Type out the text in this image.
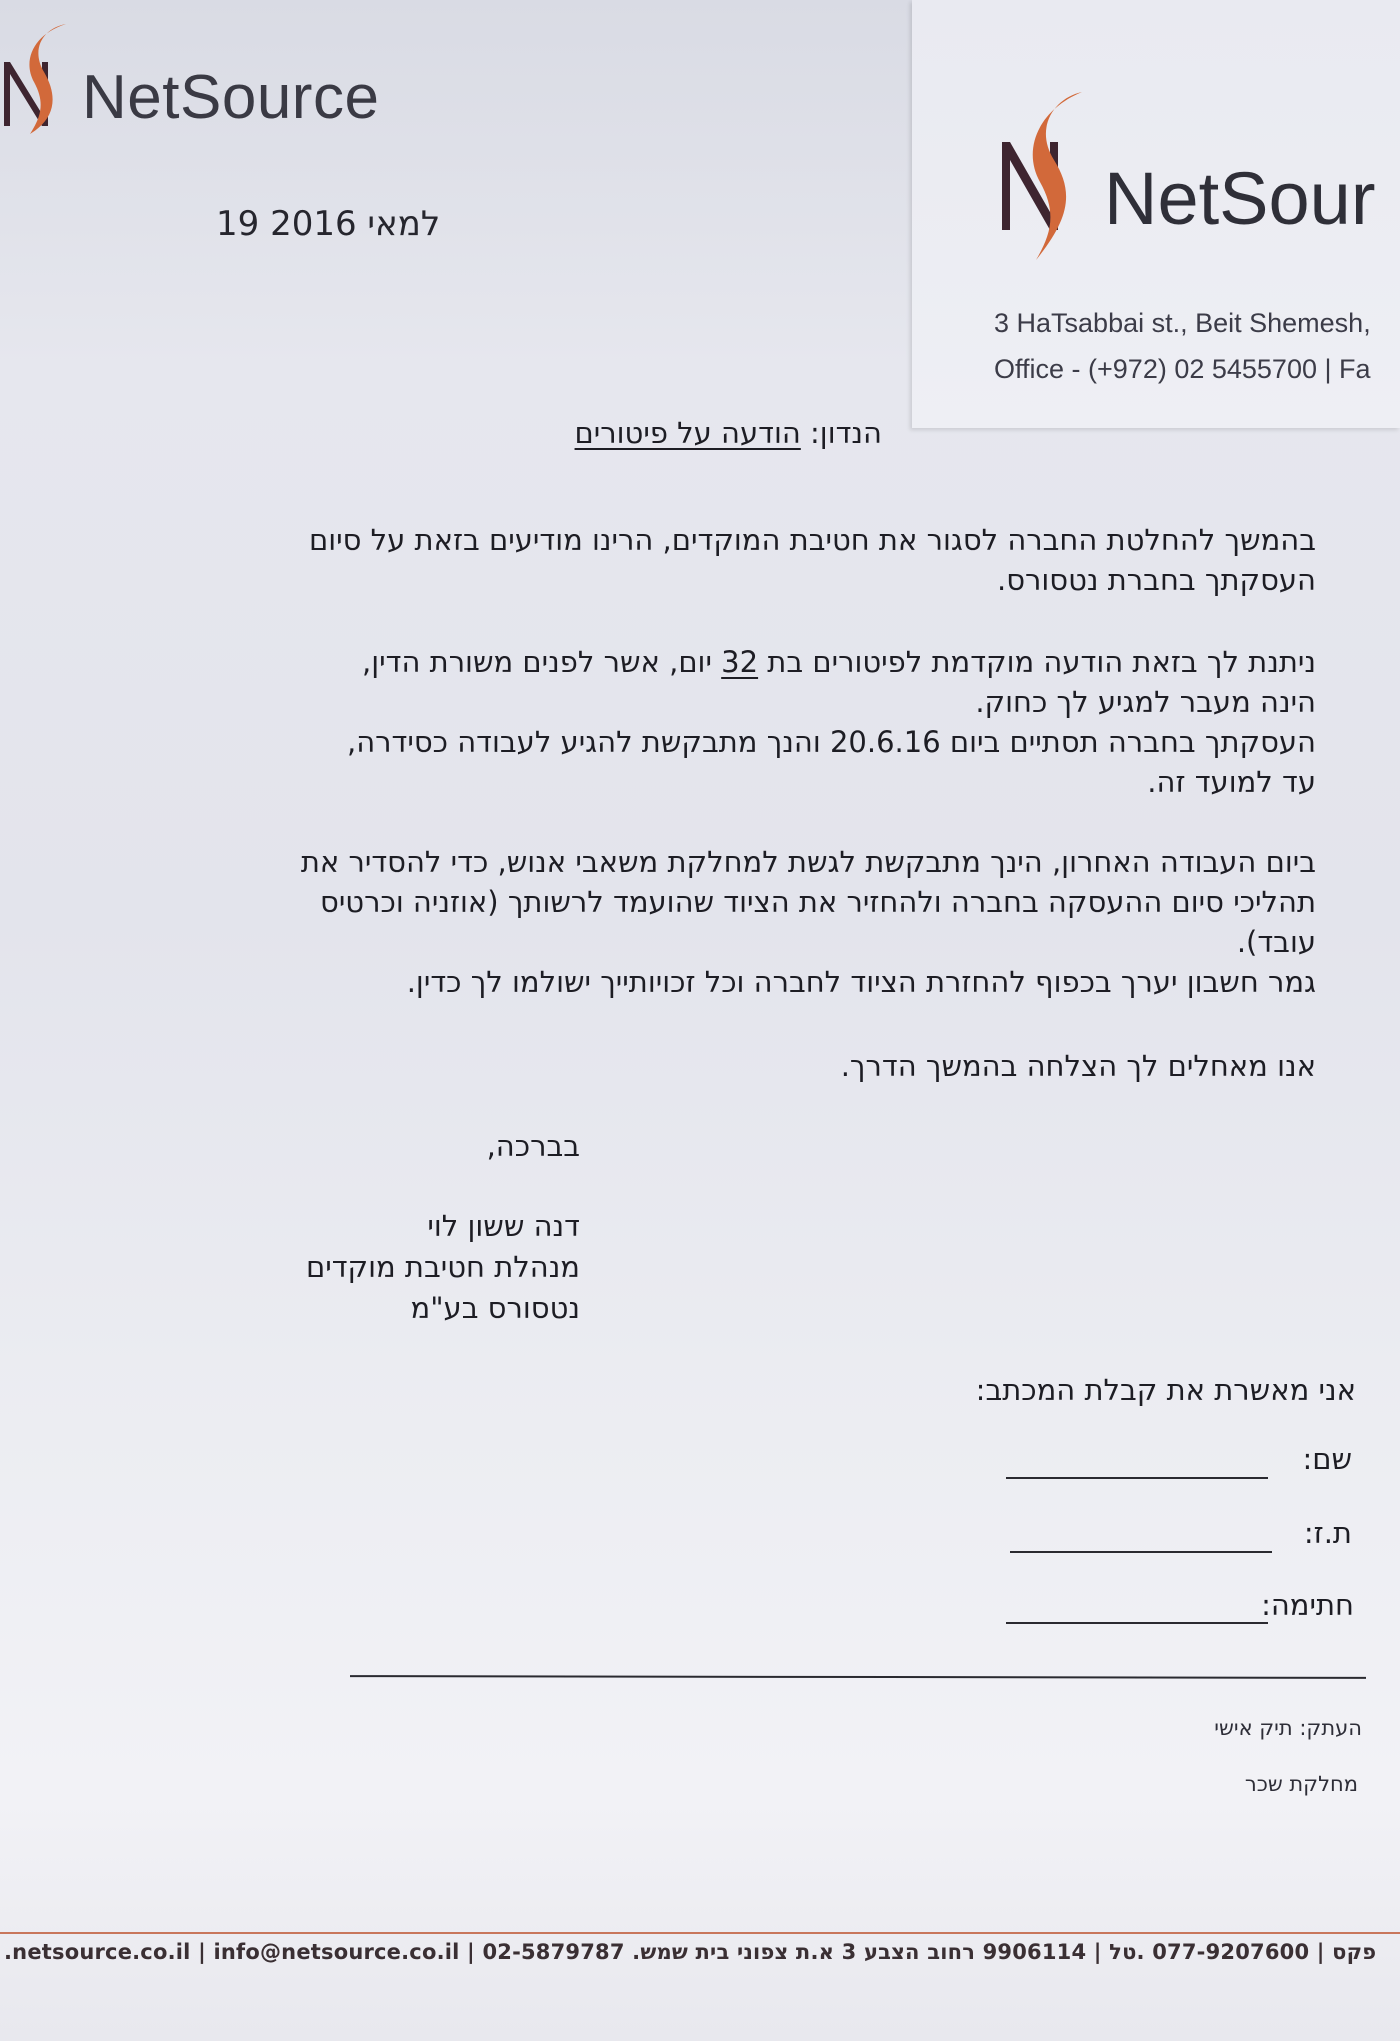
NetSource
19 למאי 2016	NetSour
3 HaTsabbai st., Beit Shemesh,
Office - (+972) 02 5455700 | Fa
הנדון: הודעה על פיטורים
בהמשך להחלטת החברה לסגור את חטיבת המוקדים, הרינו מודיעים בזאת על סיום
העסקתך בחברת נטסורס.
ניתנת לך בזאת הודעה מוקדמת לפיטורים בת 32 יום, אשר לפנים משורת הדין,
הינה מעבר למגיע לך כחוק.
העסקתך בחברה תסתיים ביום 20.6.16 והנך מתבקשת להגיע לעבודה כסידרה,
עד למועד זה.
ביום העבודה האחרון, הינך מתבקשת לגשת למחלקת משאבי אנוש, כדי להסדיר את
תהליכי סיום ההעסקה בחברה ולהחזיר את הציוד שהועמד לרשותך (אוזניה וכרטיס
עובד).
גמר חשבון יערך בכפוף להחזרת הציוד לחברה וכל זכויותייך ישולמו לך כדין.
אנו מאחלים לך הצלחה בהמשך הדרך.
בברכה,
דנה ששון לוי
מנהלת חטיבת מוקדים
נטסורס בע"מ
אני מאשרת את קבלת המכתב:
שם:
ת.ז:
חתימה:
העתק: תיק אישי
מחלקת שכר
.netsource.co.il | info@netsource.co.il | 02-5879787 .פקס | 077-9207600 .טל | 9906114 רחוב הצבע 3 א.ת צפוני בית שמש
